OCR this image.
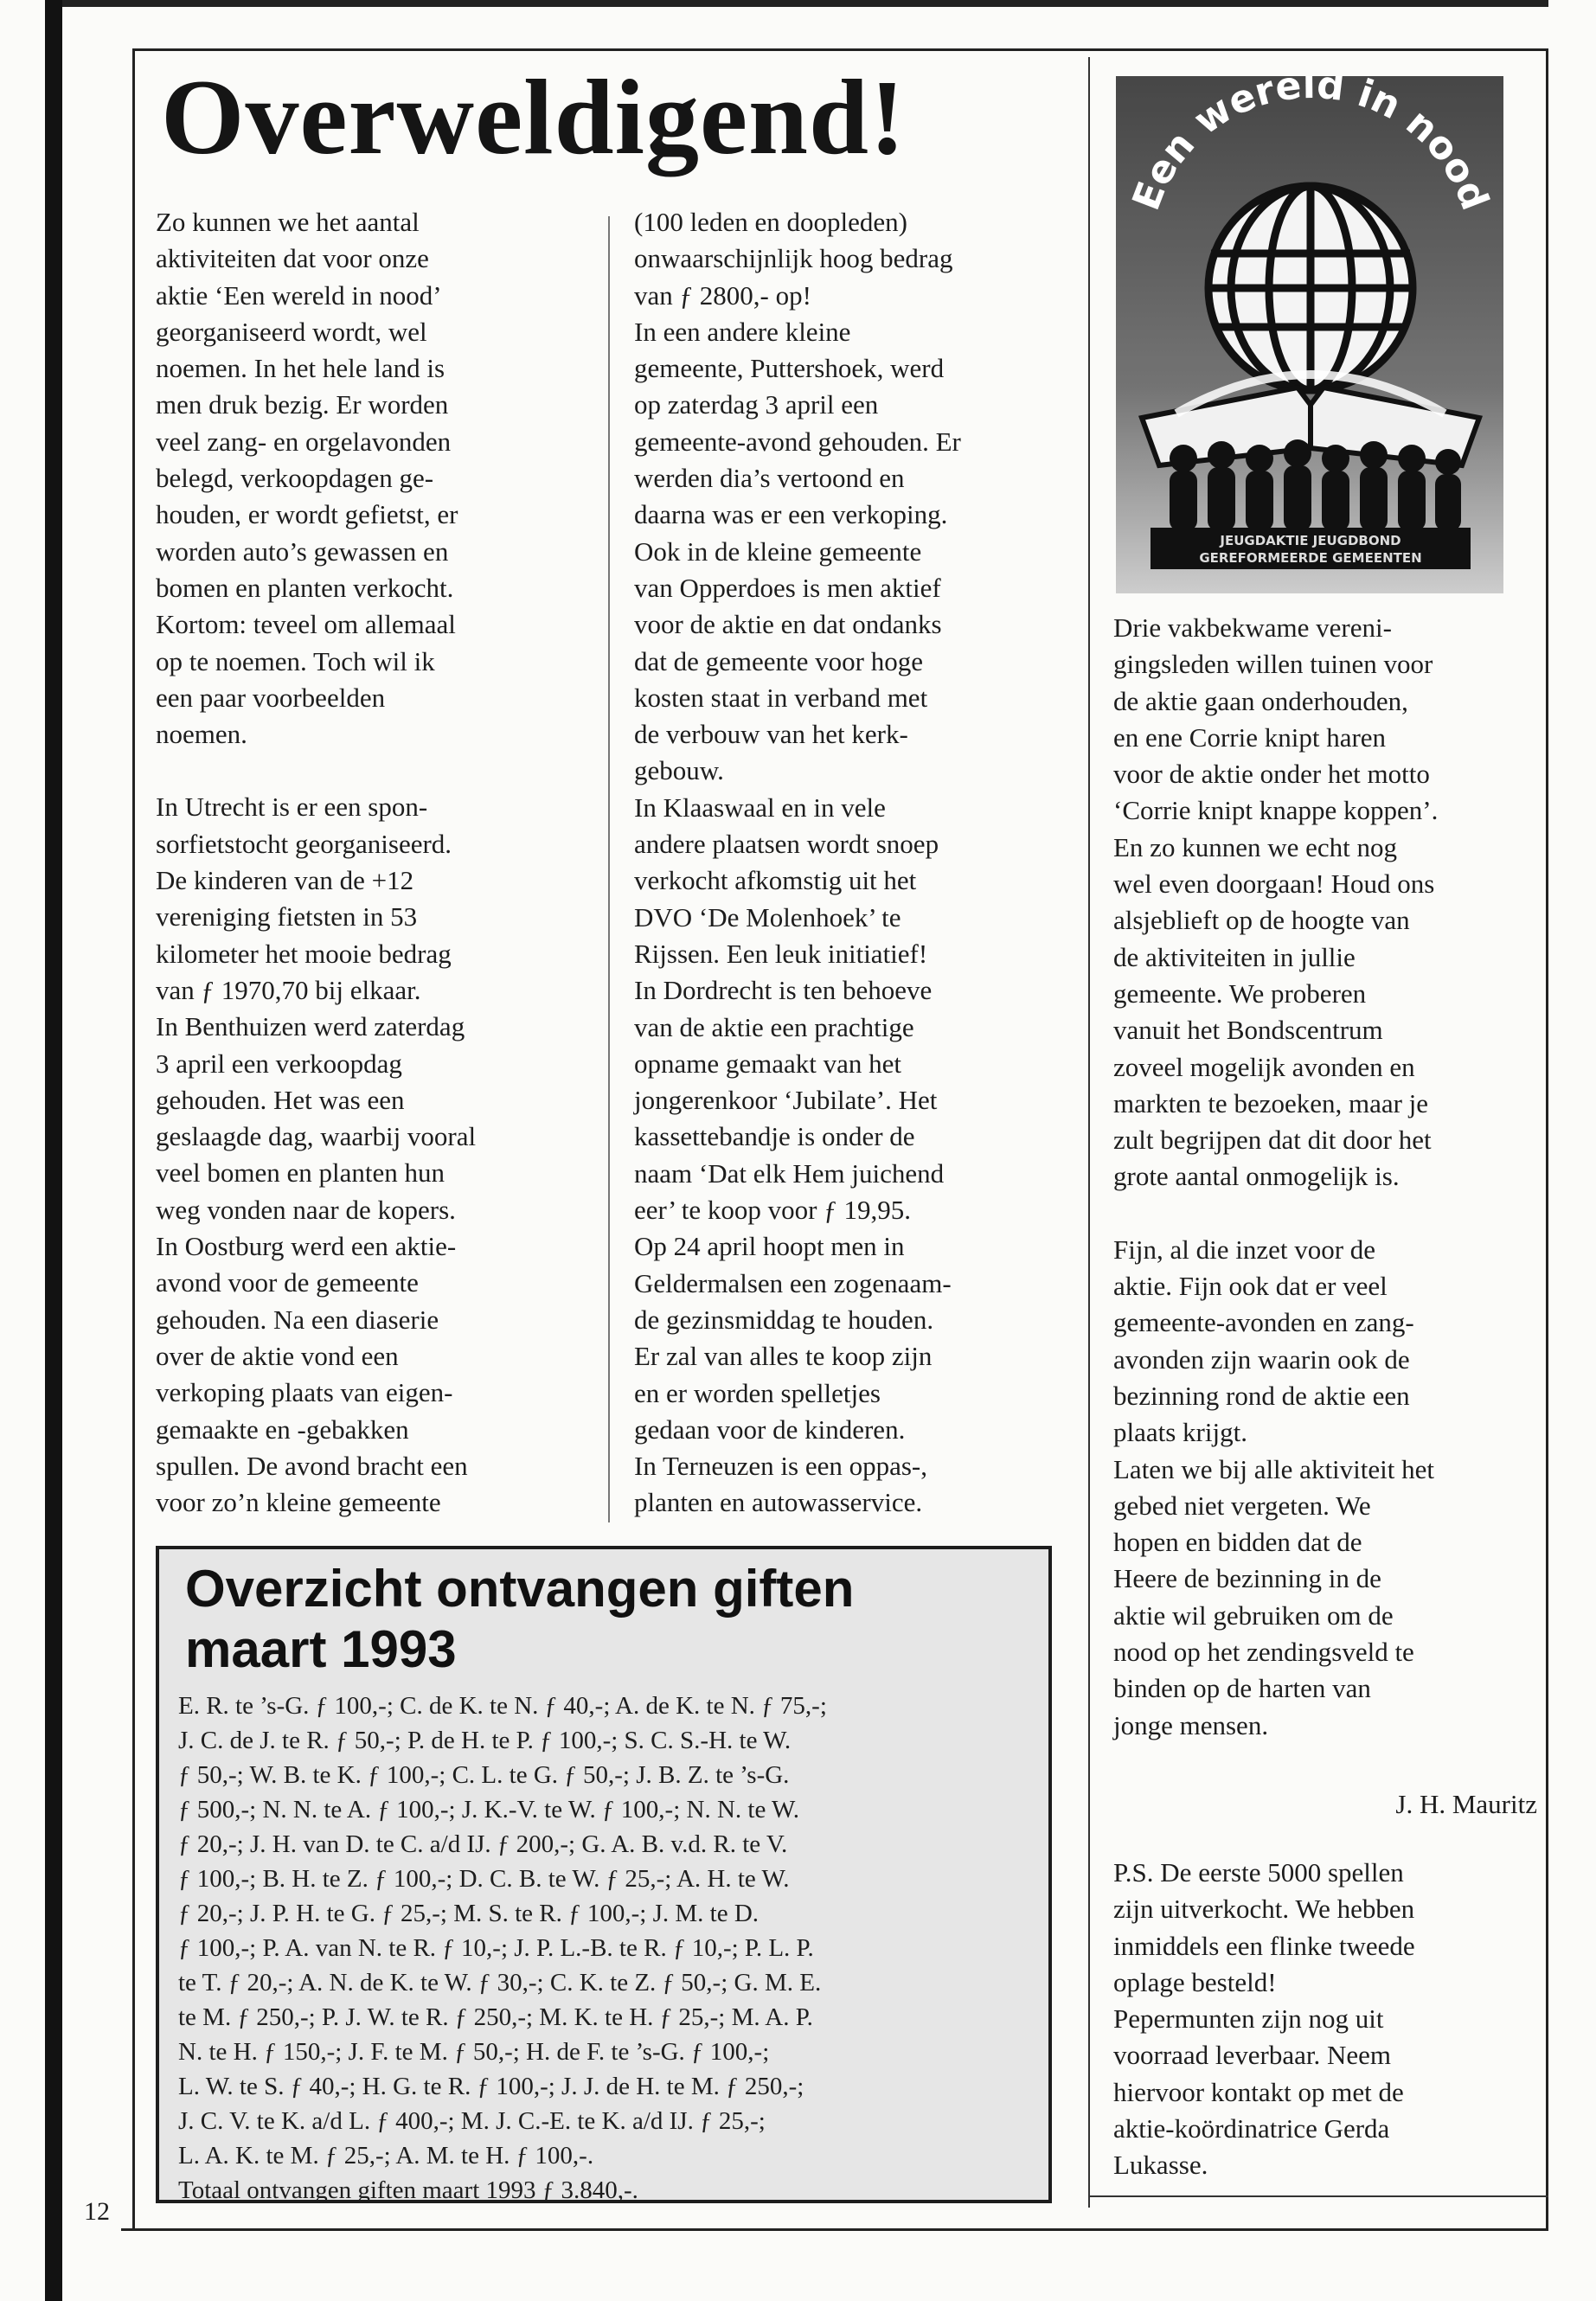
Overweldigend!

Zo kunnen we het aantal
aktiviteiten dat voor onze
aktie ‘Een wereld in nood’
georganiseerd wordt, wel
noemen. In het hele land is
men druk bezig. Er worden
veel zang- en orgelavonden
belegd, verkoopdagen ge-
houden, er wordt gefietst, er
worden auto’s gewassen en
bomen en planten verkocht.
Kortom: teveel om allemaal
op te noemen. Toch wil ik
een paar voorbeelden
noemen.

In Utrecht is er een spon-
sorfietstocht georganiseerd.
De kinderen van de +12
vereniging fietsten in 53
kilometer het mooie bedrag
van ƒ 1970,70 bij elkaar.
In Benthuizen werd zaterdag
3 april een verkoopdag
gehouden. Het was een
geslaagde dag, waarbij vooral
veel bomen en planten hun
weg vonden naar de kopers.
In Oostburg werd een aktie-
avond voor de gemeente
gehouden. Na een diaserie
over de aktie vond een
verkoping plaats van eigen-
gemaakte en -gebakken
spullen. De avond bracht een
voor zo’n kleine gemeente

(100 leden en doopleden)
onwaarschijnlijk hoog bedrag
van ƒ 2800,- op!
In een andere kleine
gemeente, Puttershoek, werd
op zaterdag 3 april een
gemeente-avond gehouden. Er
werden dia’s vertoond en
daarna was er een verkoping.
Ook in de kleine gemeente
van Opperdoes is men aktief
voor de aktie en dat ondanks
dat de gemeente voor hoge
kosten staat in verband met
de verbouw van het kerk-
gebouw.
In Klaaswaal en in vele
andere plaatsen wordt snoep
verkocht afkomstig uit het
DVO ‘De Molenhoek’ te
Rijssen. Een leuk initiatief!
In Dordrecht is ten behoeve
van de aktie een prachtige
opname gemaakt van het
jongerenkoor ‘Jubilate’. Het
kassettebandje is onder de
naam ‘Dat elk Hem juichend
eer’ te koop voor ƒ 19,95.
Op 24 april hoopt men in
Geldermalsen een zogenaam-
de gezinsmiddag te houden.
Er zal van alles te koop zijn
en er worden spelletjes
gedaan voor de kinderen.
In Terneuzen is een oppas-,
planten en autowasservice.

Een wereld in nood
JEUGDAKTIE JEUGDBOND
GEREFORMEERDE GEMEENTEN

Drie vakbekwame vereni-
gingsleden willen tuinen voor
de aktie gaan onderhouden,
en ene Corrie knipt haren
voor de aktie onder het motto
‘Corrie knipt knappe koppen’.
En zo kunnen we echt nog
wel even doorgaan! Houd ons
alsjeblieft op de hoogte van
de aktiviteiten in jullie
gemeente. We proberen
vanuit het Bondscentrum
zoveel mogelijk avonden en
markten te bezoeken, maar je
zult begrijpen dat dit door het
grote aantal onmogelijk is.

Fijn, al die inzet voor de
aktie. Fijn ook dat er veel
gemeente-avonden en zang-
avonden zijn waarin ook de
bezinning rond de aktie een
plaats krijgt.
Laten we bij alle aktiviteit het
gebed niet vergeten. We
hopen en bidden dat de
Heere de bezinning in de
aktie wil gebruiken om de
nood op het zendingsveld te
binden op de harten van
jonge mensen.

J. H. Mauritz

P.S. De eerste 5000 spellen
zijn uitverkocht. We hebben
inmiddels een flinke tweede
oplage besteld!
Pepermunten zijn nog uit
voorraad leverbaar. Neem
hiervoor kontakt op met de
aktie-koördinatrice Gerda
Lukasse.

Overzicht ontvangen giften
maart 1993
E. R. te ’s-G. ƒ 100,-; C. de K. te N. ƒ 40,-; A. de K. te N. ƒ 75,-;
J. C. de J. te R. ƒ 50,-; P. de H. te P. ƒ 100,-; S. C. S.-H. te W.
ƒ 50,-; W. B. te K. ƒ 100,-; C. L. te G. ƒ 50,-; J. B. Z. te ’s-G.
ƒ 500,-; N. N. te A. ƒ 100,-; J. K.-V. te W. ƒ 100,-; N. N. te W.
ƒ 20,-; J. H. van D. te C. a/d IJ. ƒ 200,-; G. A. B. v.d. R. te V.
ƒ 100,-; B. H. te Z. ƒ 100,-; D. C. B. te W. ƒ 25,-; A. H. te W.
ƒ 20,-; J. P. H. te G. ƒ 25,-; M. S. te R. ƒ 100,-; J. M. te D.
ƒ 100,-; P. A. van N. te R. ƒ 10,-; J. P. L.-B. te R. ƒ 10,-; P. L. P.
te T. ƒ 20,-; A. N. de K. te W. ƒ 30,-; C. K. te Z. ƒ 50,-; G. M. E.
te M. ƒ 250,-; P. J. W. te R. ƒ 250,-; M. K. te H. ƒ 25,-; M. A. P.
N. te H. ƒ 150,-; J. F. te M. ƒ 50,-; H. de F. te ’s-G. ƒ 100,-;
L. W. te S. ƒ 40,-; H. G. te R. ƒ 100,-; J. J. de H. te M. ƒ 250,-;
J. C. V. te K. a/d L. ƒ 400,-; M. J. C.-E. te K. a/d IJ. ƒ 25,-;
L. A. K. te M. ƒ 25,-; A. M. te H. ƒ 100,-.
Totaal ontvangen giften maart 1993 ƒ 3.840,-.
12
